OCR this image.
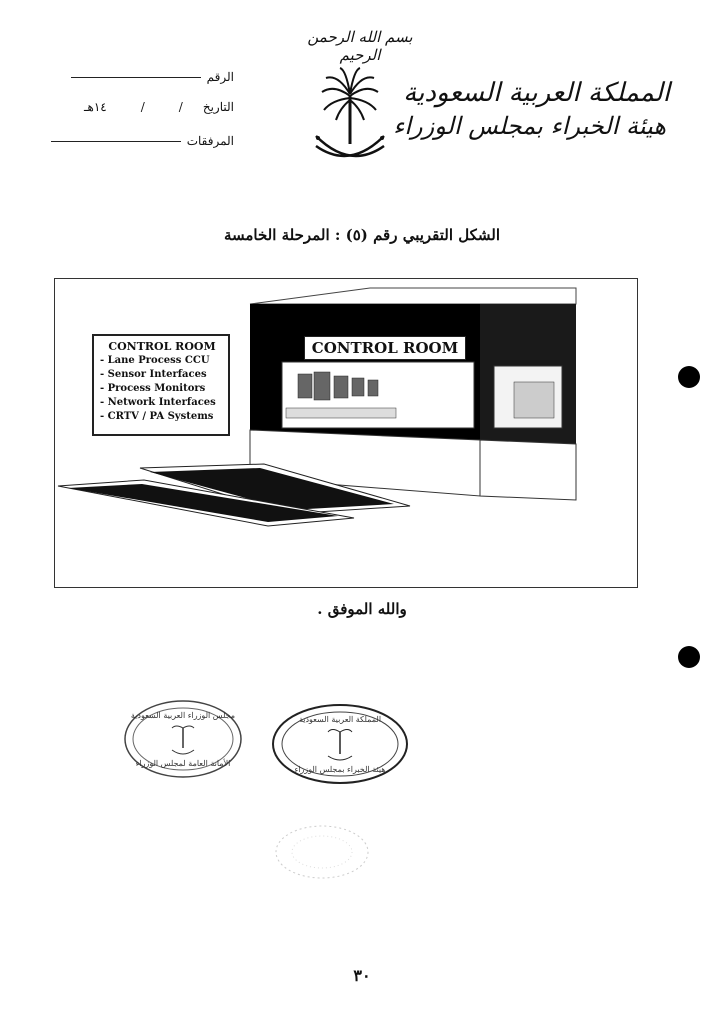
بسم الله الرحمن الرحيم
المملكة العربية السعودية
هيئة الخبراء بمجلس الوزراء
الرقم
التاريخ
/
/
١٤هـ
المرفقات
الشكل التقريبي رقم (٥) : المرحلة الخامسة
CONTROL ROOM
- Lane Process CCU
- Sensor Interfaces
- Process Monitors
- Network Interfaces
- CRTV / PA Systems
CONTROL ROOM
والله الموفق .
مجلس الوزراء العربية السعودية
الأمانة العامة لمجلس الوزراء
المملكة العربية السعودية
هيئة الخبراء بمجلس الوزراء
٣٠
